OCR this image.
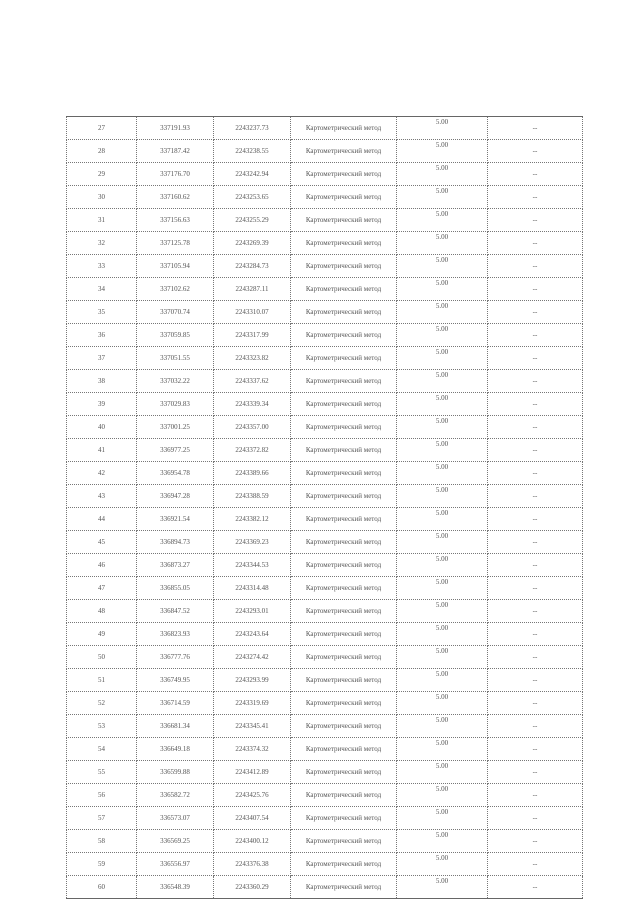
27	337191.93	2243237.73	Картометрический метод	5.00	--
28	337187.42	2243238.55	Картометрический метод	5.00	--
29	337176.70	2243242.94	Картометрический метод	5.00	--
30	337160.62	2243253.65	Картометрический метод	5.00	--
31	337156.63	2243255.29	Картометрический метод	5.00	--
32	337125.78	2243269.39	Картометрический метод	5.00	--
33	337105.94	2243284.73	Картометрический метод	5.00	--
34	337102.62	2243287.11	Картометрический метод	5.00	--
35	337070.74	2243310.07	Картометрический метод	5.00	--
36	337059.85	2243317.99	Картометрический метод	5.00	--
37	337051.55	2243323.82	Картометрический метод	5.00	--
38	337032.22	2243337.62	Картометрический метод	5.00	--
39	337029.83	2243339.34	Картометрический метод	5.00	--
40	337001.25	2243357.00	Картометрический метод	5.00	--
41	336977.25	2243372.82	Картометрический метод	5.00	--
42	336954.78	2243389.66	Картометрический метод	5.00	--
43	336947.28	2243388.59	Картометрический метод	5.00	--
44	336921.54	2243382.12	Картометрический метод	5.00	--
45	336894.73	2243369.23	Картометрический метод	5.00	--
46	336873.27	2243344.53	Картометрический метод	5.00	--
47	336855.05	2243314.48	Картометрический метод	5.00	--
48	336847.52	2243293.01	Картометрический метод	5.00	--
49	336823.93	2243243.64	Картометрический метод	5.00	--
50	336777.76	2243274.42	Картометрический метод	5.00	--
51	336749.95	2243293.99	Картометрический метод	5.00	--
52	336714.59	2243319.69	Картометрический метод	5.00	--
53	336681.34	2243345.41	Картометрический метод	5.00	--
54	336649.18	2243374.32	Картометрический метод	5.00	--
55	336599.88	2243412.89	Картометрический метод	5.00	--
56	336582.72	2243425.76	Картометрический метод	5.00	--
57	336573.07	2243407.54	Картометрический метод	5.00	--
58	336569.25	2243400.12	Картометрический метод	5.00	--
59	336556.97	2243376.38	Картометрический метод	5.00	--
60	336548.39	2243360.29	Картометрический метод	5.00	--
